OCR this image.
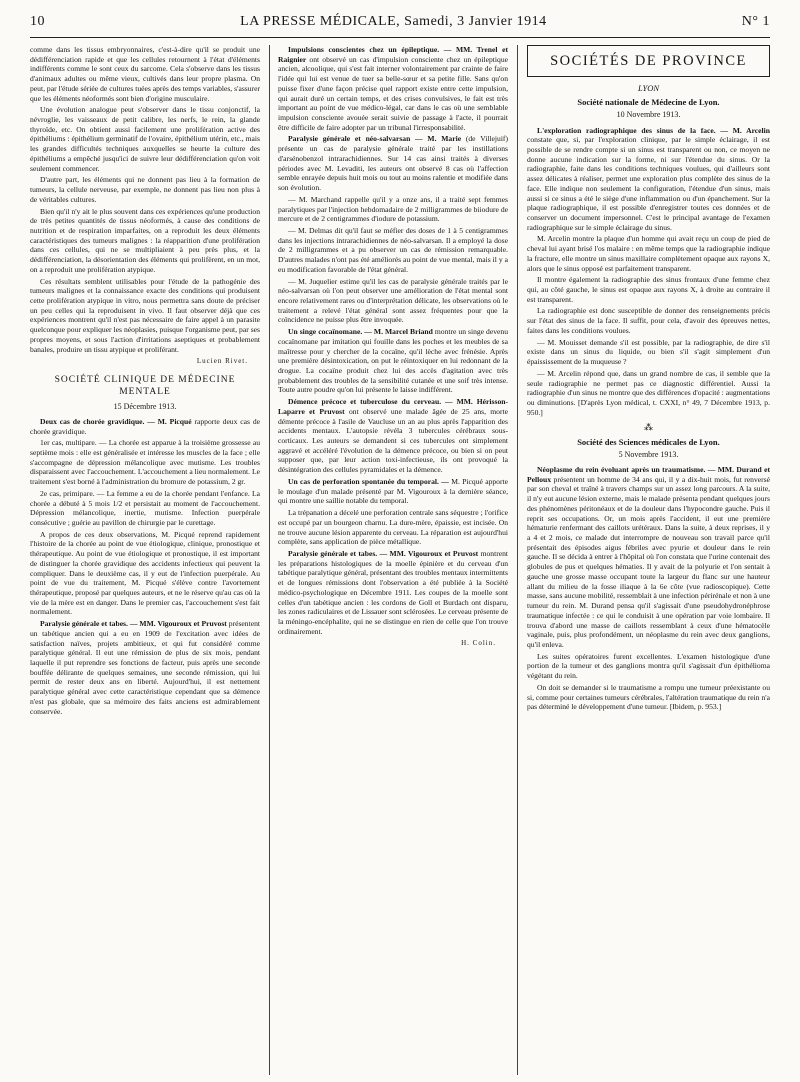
10	LA PRESSE MÉDICALE, Samedi, 3 Janvier 1914	N° 1

comme dans les tissus embryonnaires, c'est-à-dire qu'il se produit une dédifférenciation rapide et que les cellules retournent à l'état d'éléments indifférents comme le sont ceux du sarcome. Cela s'observe dans les tissus d'animaux adultes ou même vieux, cultivés dans leur propre plasma. On peut, par l'étude sériée de cultures tuées après des temps variables, s'assurer que les éléments néoformés sont bien d'origine musculaire.

Une évolution analogue peut s'observer dans le tissu conjonctif, la névroglie, les vaisseaux de petit calibre, les nerfs, le rein, la glande thyroïde, etc. On obtient aussi facilement une prolifération active des épithéliums : épithélium germinatif de l'ovaire, épithélium utérin, etc., mais les grandes difficultés techniques auxquelles se heurte la culture des épithéliums a empêché jusqu'ici de suivre leur dédifférenciation qu'on voit seulement commencer.

D'autre part, les éléments qui ne donnent pas lieu à la formation de tumeurs, la cellule nerveuse, par exemple, ne donnent pas lieu non plus à de véritables cultures.

Bien qu'il n'y ait le plus souvent dans ces expériences qu'une production de très petites quantités de tissus néoformés, à cause des conditions de nutrition et de respiration imparfaites, on a reproduit les deux éléments caractéristiques des tumeurs malignes : la réapparition d'une prolifération dans ces cellules, qui ne se multipliaient à peu près plus, et la dédifférenciation, la désorientation des éléments qui prolifèrent, en un mot, on a reproduit une prolifération atypique.

Ces résultats semblent utilisables pour l'étude de la pathogénie des tumeurs malignes et la connaissance exacte des conditions qui produisent cette prolifération atypique in vitro, nous permettra sans doute de préciser un peu celles qui la reproduisent in vivo. Il faut observer déjà que ces expériences montrent qu'il n'est pas nécessaire de faire appel à un parasite quelconque pour expliquer les néoplasies, puisque l'organisme peut, par ses propres moyens, et sous l'action d'irritations aseptiques et probablement banales, produire un tissu atypique et proliférant.

Lucien Rivet.
SOCIÉTÉ CLINIQUE DE MÉDECINE MENTALE
15 Décembre 1913.

Deux cas de chorée gravidique. — M. Picqué rapporte deux cas de chorée gravidique.

1er cas, multipare. — La chorée est apparue à la troisième grossesse au septième mois : elle est généralisée et intéresse les muscles de la face ; elle s'accompagne de dépression mélancolique avec mutisme. Les troubles disparaissent avec l'accouchement. L'accouchement a lieu normalement. Le traitement s'est borné à l'administration du bromure de potassium, 2 gr.

2e cas, primipare. — La femme a eu de la chorée pendant l'enfance. La chorée a débuté à 5 mois 1/2 et persistait au moment de l'accouchement. Dépression mélancolique, inertie, mutisme. Infection puerpérale consécutive ; guérie au pavillon de chirurgie par le curettage.

A propos de ces deux observations, M. Picqué reprend rapidement l'histoire de la chorée au point de vue étiologique, clinique, pronostique et thérapeutique. Au point de vue étiologique et pronostique, il est important de distinguer la chorée gravidique des accidents infectieux qui peuvent la compliquer. Dans le deuxième cas, il y eut de l'infection puerpérale. Au point de vue du traitement, M. Picqué s'élève contre l'avortement thérapeutique, proposé par quelques auteurs, et ne le réserve qu'au cas où la vie de la mère est en danger. Dans le premier cas, l'accouchement s'est fait normalement.

Paralysie générale et tabes. — MM. Vigouroux et Pruvost présentent un tabétique ancien qui a eu en 1909 de l'excitation avec idées de satisfaction naïves, projets ambitieux, et qui fut considéré comme paralytique général. Il eut une rémission de plus de six mois, pendant laquelle il put reprendre ses fonctions de facteur, puis après une seconde bouffée délirante de quelques semaines, une seconde rémission, qui lui permit de rester deux ans en liberté. Aujourd'hui, il est nettement paralytique général avec cette caractéristique cependant que sa démence n'est pas globale, que sa mémoire des faits anciens est admirablement conservée.

Impulsions conscientes chez un épileptique. — MM. Trenel et Raignier ont observé un cas d'impulsion consciente chez un épileptique ancien, alcoolique, qui s'est fait interner volontairement par crainte de faire l'idée qui lui est venue de tuer sa belle-sœur et sa petite fille. Sans qu'on puisse fixer d'une façon précise quel rapport existe entre cette impulsion, qui aurait duré un certain temps, et des crises convulsives, le fait est très important au point de vue médico-légal, car dans le cas où une semblable impulsion consciente avouée serait suivie de passage à l'acte, il pourrait être difficile de faire adopter par un tribunal l'irresponsabilité.

Paralysie générale et néo-salvarsan — M. Marie (de Villejuif) présente un cas de paralysie générale traité par les instillations d'arsénobenzol intrarachidiennes. Sur 14 cas ainsi traités à diverses périodes avec M. Levaditi, les auteurs ont observé 8 cas où l'affection semble enrayée depuis huit mois ou tout au moins ralentie et modifiée dans son évolution.

— M. Marchand rappelle qu'il y a onze ans, il a traité sept femmes paralytiques par l'injection hebdomadaire de 2 milligrammes de biiodure de mercure et de 2 centigrammes d'iodure de potassium.

— M. Delmas dit qu'il faut se méfier des doses de 1 à 5 centigrammes dans les injections intrarachidiennes de néo-salvarsan. Il a employé la dose de 2 milligrammes et a pu observer un cas de rémission remarquable. D'autres malades n'ont pas été améliorés au point de vue mental, mais il y a eu modification favorable de l'état général.

— M. Juquelier estime qu'il les cas de paralysie générale traités par le néo-salvarsan où l'on peut observer une amélioration de l'état mental sont encore relativement rares ou d'interprétation délicate, les observations où le traitement a relevé l'état général sont assez fréquentes pour que la coïncidence ne puisse plus être invoquée.

Un singe cocaïnomane. — M. Marcel Briand montre un singe devenu cocaïnomane par imitation qui fouille dans les poches et les meubles de sa maîtresse pour y chercher de la cocaïne, qu'il lèche avec frénésie. Après une première désintoxication, on put le réintoxiquer en lui redonnant de la drogue. La cocaïne produit chez lui des accès d'agitation avec très probablement des troubles de la sensibilité cutanée et une soif très intense. Toute autre poudre qu'on lui présente le laisse indifférent.

Démence précoce et tuberculose du cerveau. — MM. Hérisson-Laparre et Pruvost ont observé une malade âgée de 25 ans, morte démente précoce à l'asile de Vaucluse un an au plus après l'apparition des accidents mentaux. L'autopsie révéla 3 tubercules cérébraux sous-corticaux. Les auteurs se demandent si ces tubercules ont simplement aggravé et accéléré l'évolution de la démence précoce, ou bien si on peut supposer que, par leur action toxi-infectieuse, ils ont provoqué la désintégration des cellules pyramidales et la démence.

Un cas de perforation spontanée du temporal. — M. Picqué apporte le moulage d'un malade présenté par M. Vigouroux à la dernière séance, qui montre une saillie notable du temporal.

La trépanation a décelé une perforation centrale sans séquestre ; l'orifice est occupé par un bourgeon charnu. La dure-mère, épaissie, est incisée. On ne trouve aucune lésion apparente du cerveau. La réparation est aujourd'hui complète, sans application de pièce métallique.

Paralysie générale et tabes. — MM. Vigouroux et Pruvost montrent les préparations histologiques de la moelle épinière et du cerveau d'un tabétique paralytique général, présentant des troubles mentaux intermittents et de longues rémissions dont l'observation a été publiée à la Société médico-psychologique en Décembre 1911. Les coupes de la moelle sont celles d'un tabétique ancien : les cordons de Goll et Burdach ont disparu, les zones radiculaires et de Lissauer sont sclérosées. Le cerveau présente de la méningo-encéphalite, qui ne se distingue en rien de celle que l'on trouve ordinairement.

H. Colin.
SOCIÉTÉS DE PROVINCE
LYON
Société nationale de Médecine de Lyon.
10 Novembre 1913.

L'exploration radiographique des sinus de la face. — M. Arcelin constate que, si, par l'exploration clinique, par le simple éclairage, il est possible de se rendre compte si un sinus est transparent ou non, ce moyen ne donne aucune indication sur la forme, ni sur l'étendue du sinus. Or la radiographie, faite dans les conditions techniques voulues, qui d'ailleurs sont assez délicates à réaliser, permet une exploration plus complète des sinus de la face. Elle indique non seulement la configuration, l'étendue d'un sinus, mais aussi si ce sinus a été le siège d'une inflammation ou d'un épanchement. Sur la plaque radiographique, il est possible d'enregistrer toutes ces données et de conserver un document impersonnel. C'est le principal avantage de l'examen radiographique sur le simple éclairage du sinus.

M. Arcelin montre la plaque d'un homme qui avait reçu un coup de pied de cheval lui ayant brisé l'os malaire : en même temps que la radiographie indique la fracture, elle montre un sinus maxillaire complètement opaque aux rayons X, alors que le sinus opposé est parfaitement transparent.

Il montre également la radiographie des sinus frontaux d'une femme chez qui, au côté gauche, le sinus est opaque aux rayons X, à droite au contraire il est transparent.

La radiographie est donc susceptible de donner des renseignements précis sur l'état des sinus de la face. Il suffit, pour cela, d'avoir des épreuves nettes, faites dans les conditions voulues.

— M. Mouisset demande s'il est possible, par la radiographie, de dire s'il existe dans un sinus du liquide, ou bien s'il s'agit simplement d'un épaississement de la muqueuse ?

— M. Arcelin répond que, dans un grand nombre de cas, il semble que la seule radiographie ne permet pas ce diagnostic différentiel. Aussi la radiographie d'un sinus ne montre que des différences d'opacité : augmentations ou diminutions. [D'après Lyon médical, t. CXXI, n° 49, 7 Décembre 1913, p. 950.]

⁂
Société des Sciences médicales de Lyon.
5 Novembre 1913.

Néoplasme du rein évoluant après un traumatisme. — MM. Durand et Pelloux présentent un homme de 34 ans qui, il y a dix-huit mois, fut renversé par son cheval et traîné à travers champs sur un assez long parcours. A la suite, il n'y eut aucune lésion externe, mais le malade présenta pendant quelques jours des phénomènes péritonéaux et de la douleur dans l'hypocondre gauche. Puis il reprit ses occupations. Or, un mois après l'accident, il eut une première hématurie renfermant des caillots urétéraux. Dans la suite, à deux reprises, il y a 4 et 2 mois, ce malade dut interrompre de nouveau son travail parce qu'il présentait des épisodes aigus fébriles avec pyurie et douleur dans le rein gauche. Il se décida à entrer à l'hôpital où l'on constata que l'urine contenait des globules de pus et quelques hématies. Il y avait de la polyurie et l'on sentait à gauche une grosse masse occupant toute la largeur du flanc sur une hauteur allant du milieu de la fosse iliaque à la 6e côte (vue radioscopique). Cette masse, sans aucune mobilité, ressemblait à une infection périrénale et non à une tumeur du rein. M. Durand pensa qu'il s'agissait d'une pseudohydronéphrose traumatique infectée : ce qui le conduisit à une opération par voie lombaire. Il trouva d'abord une masse de caillots ressemblant à ceux d'une hématocèle vaginale, puis, plus profondément, un néoplasme du rein avec deux ganglions, qu'il enleva.

Les suites opératoires furent excellentes. L'examen histologique d'une portion de la tumeur et des ganglions montra qu'il s'agissait d'un épithélioma végétant du rein.

On doit se demander si le traumatisme a rompu une tumeur préexistante ou si, comme pour certaines tumeurs cérébrales, l'altération traumatique du rein n'a pas déterminé le développement d'une tumeur. [Ibidem, p. 953.]
